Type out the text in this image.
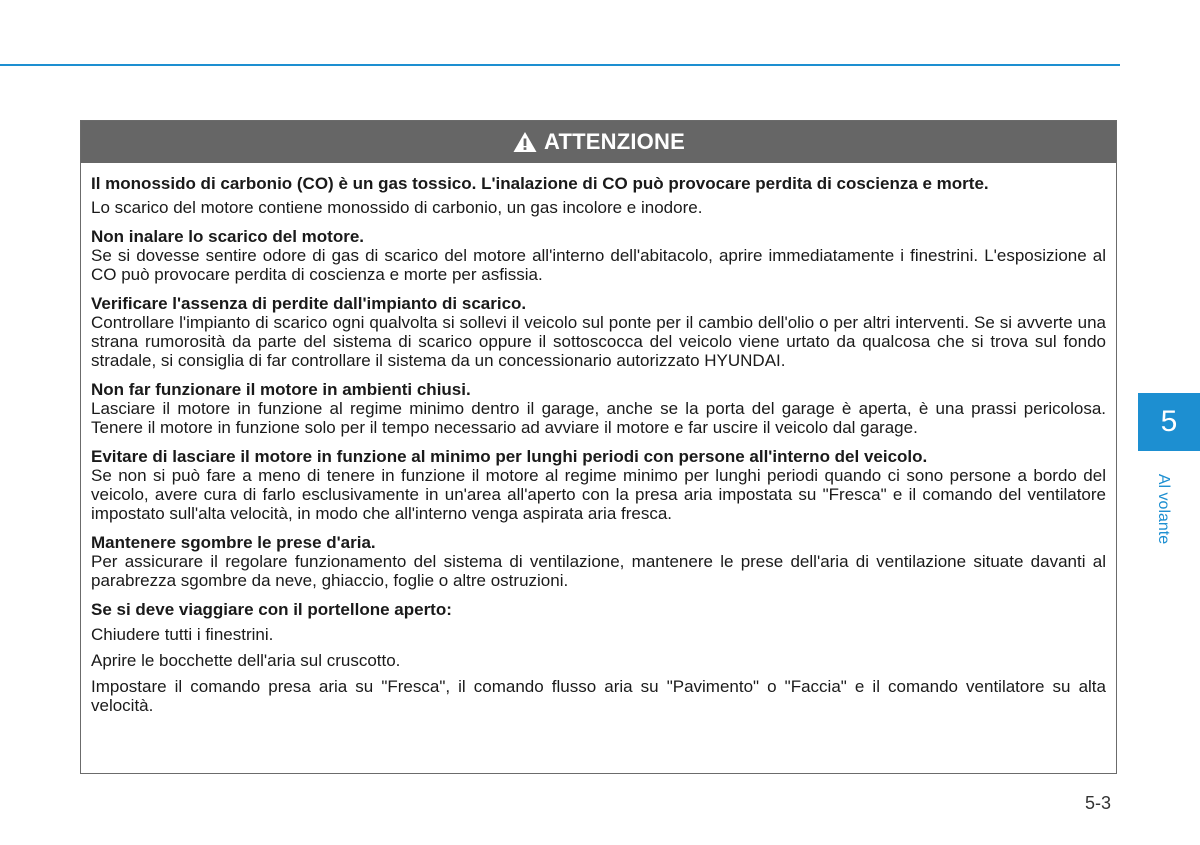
ATTENZIONE

Il monossido di carbonio (CO) è un gas tossico. L'inalazione di CO può provocare perdita di coscienza e morte.

Lo scarico del motore contiene monossido di carbonio, un gas incolore e inodore.

Non inalare lo scarico del motore.

Se si dovesse sentire odore di gas di scarico del motore all'interno dell'abitacolo, aprire immediatamente i finestrini. L'esposizione al CO può provocare perdita di coscienza e morte per asfissia.

Verificare l'assenza di perdite dall'impianto di scarico.

Controllare l'impianto di scarico ogni qualvolta si sollevi il veicolo sul ponte per il cambio dell'olio o per altri interventi. Se si avverte una strana rumorosità da parte del sistema di scarico oppure il sottoscocca del veicolo viene urtato da qualcosa che si trova sul fondo stradale, si consiglia di far controllare il sistema da un concessionario autorizzato HYUNDAI.

Non far funzionare il motore in ambienti chiusi.

Lasciare il motore in funzione al regime minimo dentro il garage, anche se la porta del garage è aperta, è una prassi pericolosa. Tenere il motore in funzione solo per il tempo necessario ad avviare il motore e far uscire il veicolo dal garage.

Evitare di lasciare il motore in funzione al minimo per lunghi periodi con persone all'interno del veicolo.

Se non si può fare a meno di tenere in funzione il motore al regime minimo per lunghi periodi quando ci sono persone a bordo del veicolo, avere cura di farlo esclusivamente in un'area all'aperto con la presa aria impostata su "Fresca" e il comando del ventilatore impostato sull'alta velocità, in modo che all'interno venga aspirata aria fresca.

Mantenere sgombre le prese d'aria.

Per assicurare il regolare funzionamento del sistema di ventilazione, mantenere le prese dell'aria di ventilazione situate davanti al parabrezza sgombre da neve, ghiaccio, foglie o altre ostruzioni.

Se si deve viaggiare con il portellone aperto:

Chiudere tutti i finestrini.

Aprire le bocchette dell'aria sul cruscotto.

Impostare il comando presa aria su "Fresca", il comando flusso aria su "Pavimento" o "Faccia" e il comando ventilatore su alta velocità.

5
Al volante
5-3
